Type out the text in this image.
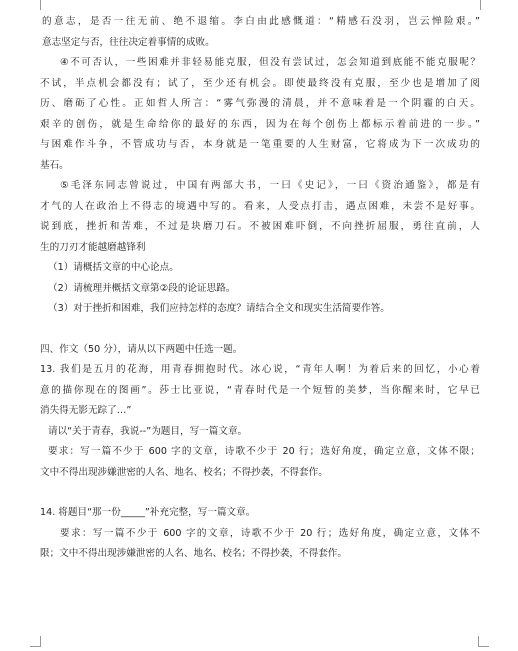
的意志，是否一往无前、绝不退缩。李白由此感慨道：“精感石没羽，岂云惮险艰。”
意志坚定与否，往往决定着事情的成败。
④不可否认，一些困难并非轻易能克服，但没有尝试过，怎会知道到底能不能克服呢？
不试，半点机会都没有；试了，至少还有机会。即使最终没有克服，至少也是增加了阅
历、磨砺了心性。正如哲人所言：“雾气弥漫的清晨，并不意味着是一个阴霾的白天。
艰辛的创伤，就是生命给你的最好的东西，因为在每个创伤上都标示着前进的一步。”
与困难作斗争，不管成功与否，本身就是一笔重要的人生财富，它将成为下一次成功的
基石。
⑤毛泽东同志曾说过，中国有两部大书，一曰《史记》，一曰《资治通鉴》，都是有
才气的人在政治上不得志的境遇中写的。看来，人受点打击，遇点困难，未尝不是好事。
说到底，挫折和苦难，不过是块磨刀石。不被困难吓倒，不向挫折屈服，勇往直前，人
生的刀刃才能越磨越锋利
（1）请概括文章的中心论点。
（2）请梳理并概括文章第②段的论证思路。
（3）对于挫折和困难，我们应持怎样的态度？请结合全文和现实生活简要作答。
四、作文（50 分），请从以下两题中任选一题。
13. 我们是五月的花海，用青春拥抱时代。冰心说，“青年人啊！为着后来的回忆，小心着
意的描你现在的图画”。莎士比亚说，“青春时代是一个短暂的美梦，当你醒来时，它早已
消失得无影无踪了…”
请以“关于青春，我说--”为题目，写一篇文章。
要求：写一篇不少于 600 字的文章，诗歌不少于 20 行；选好角度，确定立意，文体不限；
文中不得出现涉嫌泄密的人名、地名、校名；不得抄袭，不得套作。
14. 将题目“那一份_____”补充完整，写一篇文章。
要求：写一篇不少于 600 字的文章，诗歌不少于 20 行；选好角度，确定立意，文体不
限；文中不得出现涉嫌泄密的人名、地名、校名；不得抄袭，不得套作。
